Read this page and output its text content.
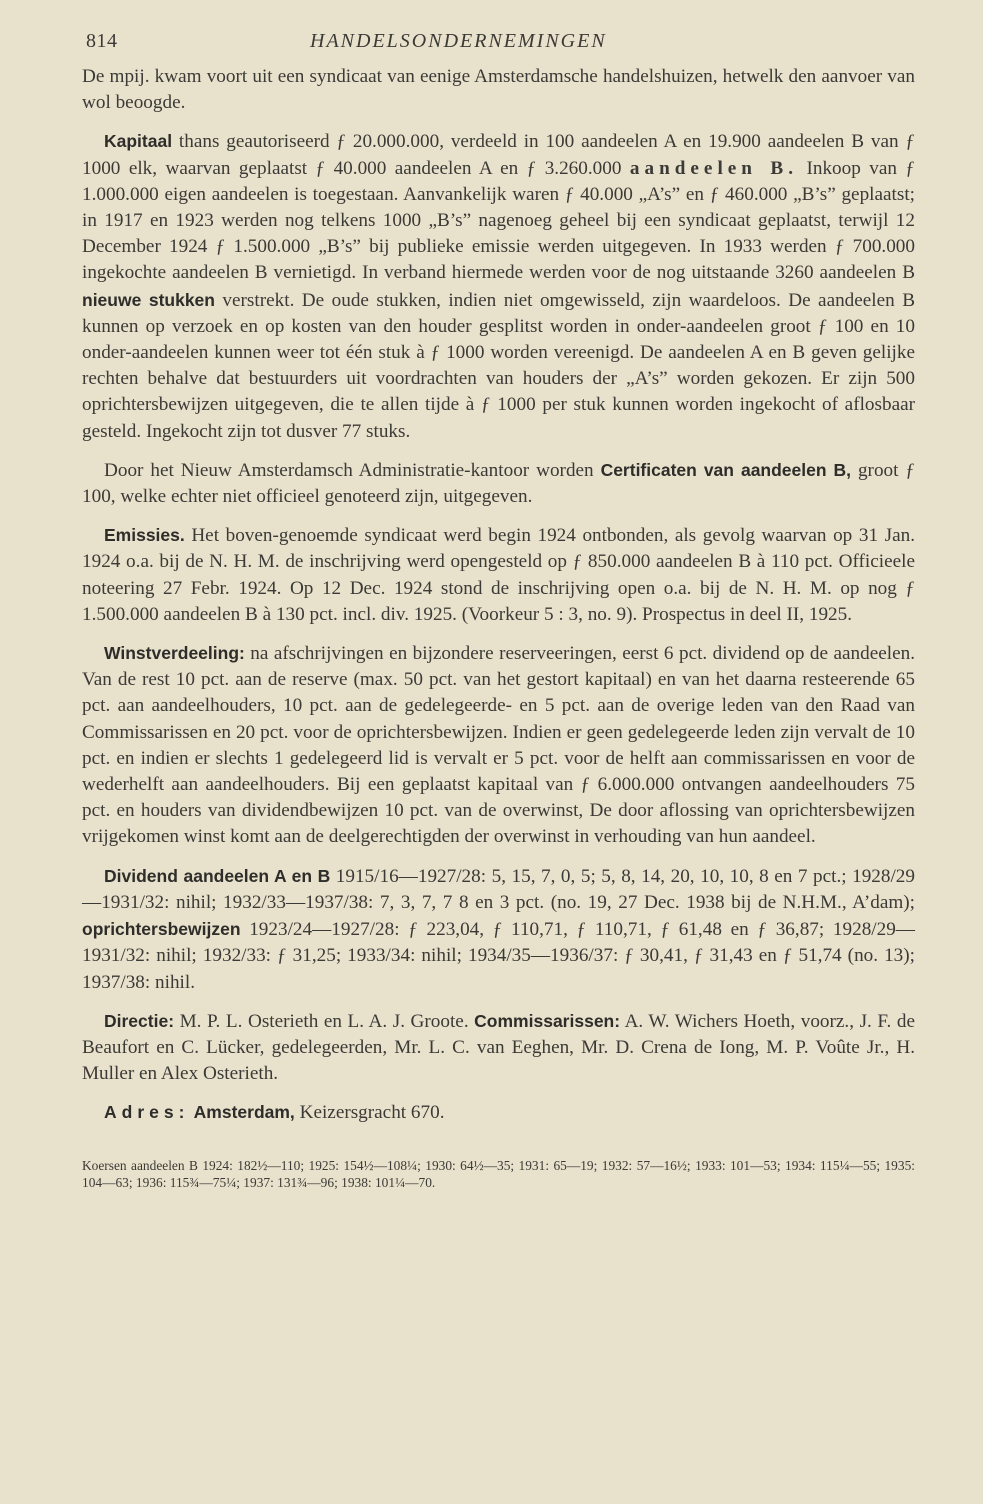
814	HANDELSONDERNEMINGEN

De mpij. kwam voort uit een syndicaat van eenige Amsterdamsche handelshuizen, hetwelk den aanvoer van wol beoogde.

Kapitaal thans geautoriseerd ƒ 20.000.000, verdeeld in 100 aandeelen A en 19.900 aandeelen B van ƒ 1000 elk, waarvan geplaatst ƒ 40.000 aandeelen A en ƒ 3.260.000 aandeelen B. Inkoop van ƒ 1.000.000 eigen aandeelen is toegestaan. Aanvankelijk waren ƒ 40.000 „A’s” en ƒ 460.000 „B’s” geplaatst; in 1917 en 1923 werden nog telkens 1000 „B’s” nagenoeg geheel bij een syndicaat geplaatst, terwijl 12 December 1924 ƒ 1.500.000 „B’s” bij publieke emissie werden uitgegeven. In 1933 werden ƒ 700.000 ingekochte aandeelen B vernietigd. In verband hiermede werden voor de nog uitstaande 3260 aandeelen B nieuwe stukken verstrekt. De oude stukken, indien niet omgewisseld, zijn waardeloos. De aandeelen B kunnen op verzoek en op kosten van den houder gesplitst worden in onder-aandeelen groot ƒ 100 en 10 onder-aandeelen kunnen weer tot één stuk à ƒ 1000 worden vereenigd. De aandeelen A en B geven gelijke rechten behalve dat bestuurders uit voordrachten van houders der „A’s” worden gekozen. Er zijn 500 oprichtersbewijzen uitgegeven, die te allen tijde à ƒ 1000 per stuk kunnen worden ingekocht of aflosbaar gesteld. Ingekocht zijn tot dusver 77 stuks.

Door het Nieuw Amsterdamsch Administratie-kantoor worden Certificaten van aandeelen B, groot ƒ 100, welke echter niet officieel genoteerd zijn, uitgegeven.

Emissies. Het boven-genoemde syndicaat werd begin 1924 ontbonden, als gevolg waarvan op 31 Jan. 1924 o.a. bij de N. H. M. de inschrijving werd opengesteld op ƒ 850.000 aandeelen B à 110 pct. Officieele noteering 27 Febr. 1924. Op 12 Dec. 1924 stond de inschrijving open o.a. bij de N. H. M. op nog ƒ 1.500.000 aandeelen B à 130 pct. incl. div. 1925. (Voorkeur 5 : 3, no. 9). Prospectus in deel II, 1925.

Winstverdeeling: na afschrijvingen en bijzondere reserveeringen, eerst 6 pct. dividend op de aandeelen. Van de rest 10 pct. aan de reserve (max. 50 pct. van het gestort kapitaal) en van het daarna resteerende 65 pct. aan aandeelhouders, 10 pct. aan de gedelegeerde- en 5 pct. aan de overige leden van den Raad van Commissarissen en 20 pct. voor de oprichtersbewijzen. Indien er geen gedelegeerde leden zijn vervalt de 10 pct. en indien er slechts 1 gedelegeerd lid is vervalt er 5 pct. voor de helft aan commissarissen en voor de wederhelft aan aandeelhouders. Bij een geplaatst kapitaal van ƒ 6.000.000 ontvangen aandeelhouders 75 pct. en houders van dividendbewijzen 10 pct. van de overwinst, De door aflossing van oprichtersbewijzen vrijgekomen winst komt aan de deelgerechtigden der overwinst in verhouding van hun aandeel.

Dividend aandeelen A en B 1915/16—1927/28: 5, 15, 7, 0, 5; 5, 8, 14, 20, 10, 10, 8 en 7 pct.; 1928/29—1931/32: nihil; 1932/33—1937/38: 7, 3, 7, 7 8 en 3 pct. (no. 19, 27 Dec. 1938 bij de N.H.M., A’dam); oprichtersbewijzen 1923/24—1927/28: ƒ 223,04, ƒ 110,71, ƒ 110,71, ƒ 61,48 en ƒ 36,87; 1928/29—1931/32: nihil; 1932/33: ƒ 31,25; 1933/34: nihil; 1934/35—1936/37: ƒ 30,41, ƒ 31,43 en ƒ 51,74 (no. 13); 1937/38: nihil.

Directie: M. P. L. Osterieth en L. A. J. Groote. Commissarissen: A. W. Wichers Hoeth, voorz., J. F. de Beaufort en C. Lücker, gedelegeerden, Mr. L. C. van Eeghen, Mr. D. Crena de Iong, M. P. Voûte Jr., H. Muller en Alex Osterieth.

Adres: Amsterdam, Keizersgracht 670.

Koersen aandeelen B 1924: 182½—110; 1925: 154½—108¼; 1930: 64½—35; 1931: 65—19; 1932: 57—16½; 1933: 101—53; 1934: 115¼—55; 1935: 104—63; 1936: 115¾—75¼; 1937: 131¾—96; 1938: 101¼—70.
